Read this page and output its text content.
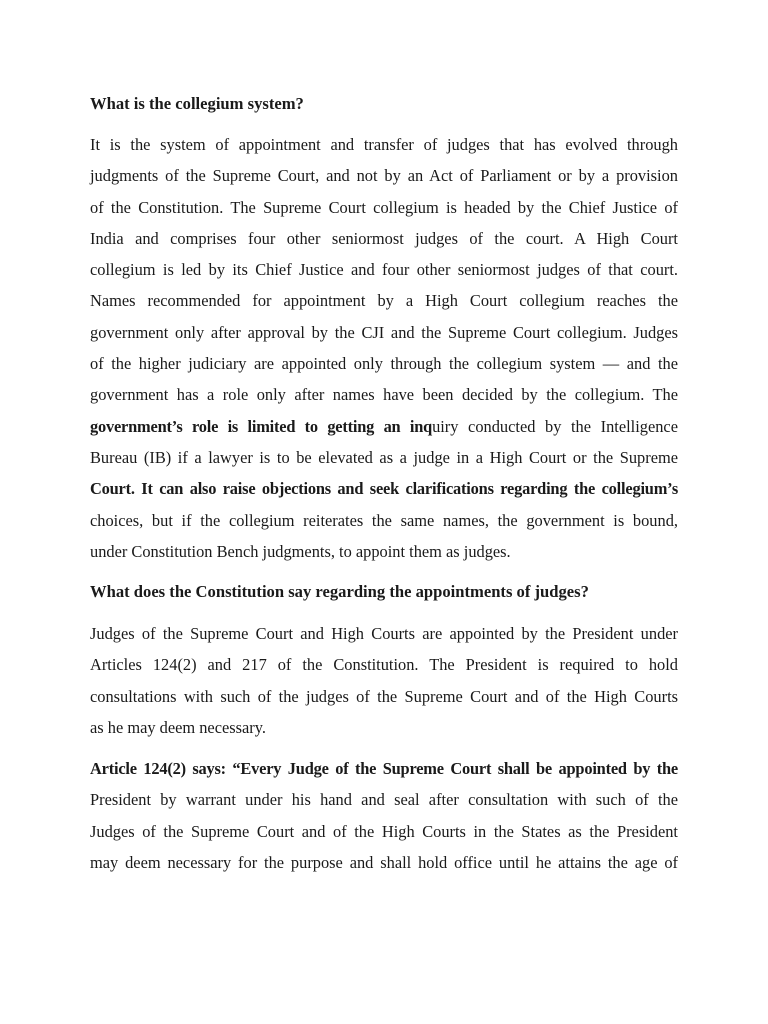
What is the collegium system?
It is the system of appointment and transfer of judges that has evolved through
judgments of the Supreme Court, and not by an Act of Parliament or by a provision
of the Constitution. The Supreme Court collegium is headed by the Chief Justice of
India and comprises four other seniormost judges of the court. A High Court
collegium is led by its Chief Justice and four other seniormost judges of that court.
Names recommended for appointment by a High Court collegium reaches the
government only after approval by the CJI and the Supreme Court collegium. Judges
of the higher judiciary are appointed only through the collegium system — and the
government has a role only after names have been decided by the collegium. The
government’s role is limited to getting an inquiry conducted by the Intelligence
Bureau (IB) if a lawyer is to be elevated as a judge in a High Court or the Supreme
Court. It can also raise objections and seek clarifications regarding the collegium’s
choices, but if the collegium reiterates the same names, the government is bound,
under Constitution Bench judgments, to appoint them as judges.
What does the Constitution say regarding the appointments of judges?
Judges of the Supreme Court and High Courts are appointed by the President under
Articles 124(2) and 217 of the Constitution. The President is required to hold
consultations with such of the judges of the Supreme Court and of the High Courts
as he may deem necessary.
Article 124(2) says: “Every Judge of the Supreme Court shall be appointed by the
President by warrant under his hand and seal after consultation with such of the
Judges of the Supreme Court and of the High Courts in the States as the President
may deem necessary for the purpose and shall hold office until he attains the age of
